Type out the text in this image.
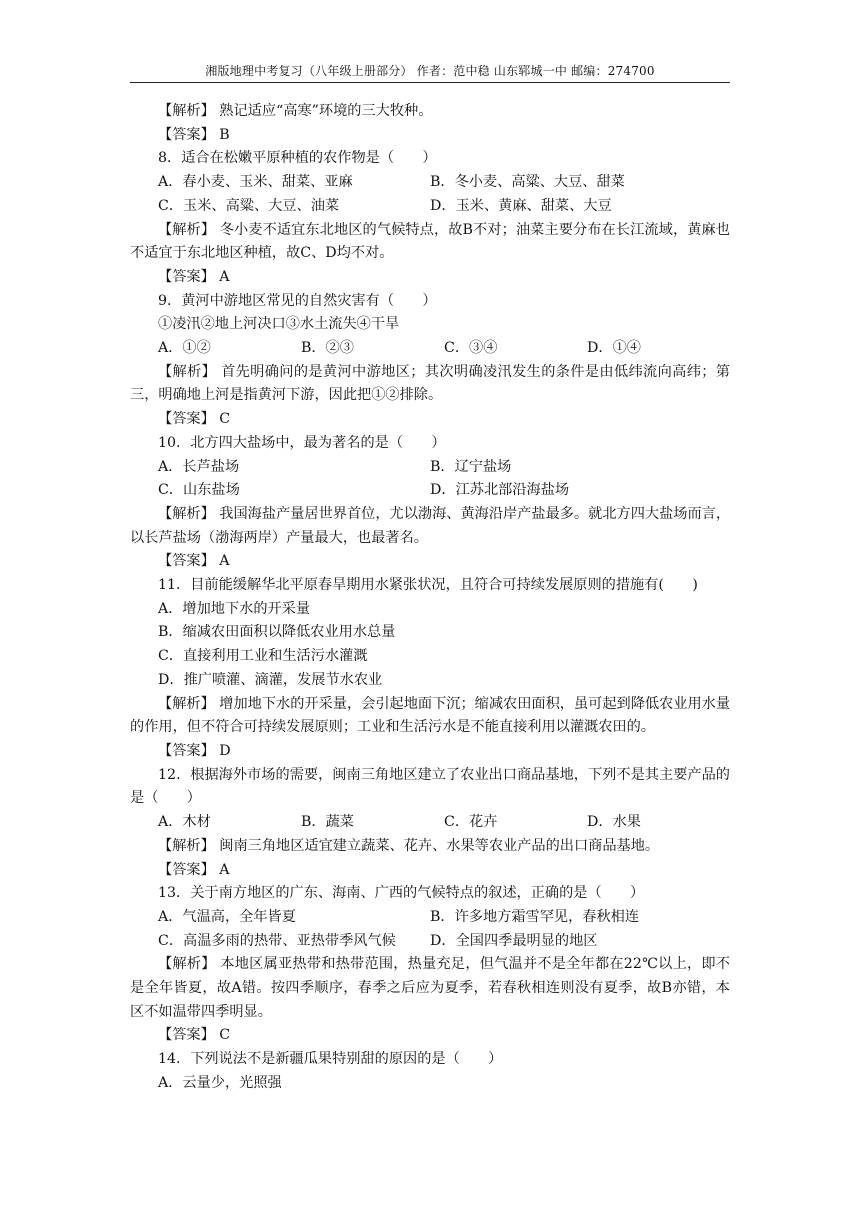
湘版地理中考复习（八年级上册部分） 作者：范中稳 山东郓城一中 邮编：274700
【解析】 熟记适应“高寒”环境的三大牧种。
【答案】 B
8．适合在松嫩平原种植的农作物是（　　）
A．春小麦、玉米、甜菜、亚麻	B．冬小麦、高粱、大豆、甜菜
C．玉米、高粱、大豆、油菜	D．玉米、黄麻、甜菜、大豆
【解析】 冬小麦不适宜东北地区的气候特点，故B不对；油菜主要分布在长江流域，黄麻也不适宜于东北地区种植，故C、D均不对。
【答案】 A
9．黄河中游地区常见的自然灾害有（　　）
①凌汛②地上河决口③水土流失④干旱
A．①②	B．②③	C．③④	D．①④
【解析】 首先明确问的是黄河中游地区；其次明确凌汛发生的条件是由低纬流向高纬；第三，明确地上河是指黄河下游，因此把①②排除。
【答案】 C
10．北方四大盐场中，最为著名的是（　　）
A．长芦盐场	B．辽宁盐场
C．山东盐场	D．江苏北部沿海盐场
【解析】 我国海盐产量居世界首位，尤以渤海、黄海沿岸产盐最多。就北方四大盐场而言，以长芦盐场（渤海两岸）产量最大，也最著名。
【答案】 A
11．目前能缓解华北平原春旱期用水紧张状况，且符合可持续发展原则的措施有(　　)
A．增加地下水的开采量
B．缩减农田面积以降低农业用水总量
C．直接利用工业和生活污水灌溉
D．推广喷灌、滴灌，发展节水农业
【解析】 增加地下水的开采量，会引起地面下沉；缩减农田面积，虽可起到降低农业用水量的作用，但不符合可持续发展原则；工业和生活污水是不能直接利用以灌溉农田的。
【答案】 D
12．根据海外市场的需要，闽南三角地区建立了农业出口商品基地，下列不是其主要产品的是（　　）
A．木材	B．蔬菜	C．花卉	D．水果
【解析】 闽南三角地区适宜建立蔬菜、花卉、水果等农业产品的出口商品基地。
【答案】 A
13．关于南方地区的广东、海南、广西的气候特点的叙述，正确的是（　　）
A．气温高，全年皆夏	B．许多地方霜雪罕见，春秋相连
C．高温多雨的热带、亚热带季风气候	D．全国四季最明显的地区
【解析】 本地区属亚热带和热带范围，热量充足，但气温并不是全年都在22℃以上，即不是全年皆夏，故A错。按四季顺序，春季之后应为夏季，若春秋相连则没有夏季，故B亦错，本区不如温带四季明显。
【答案】 C
14．下列说法不是新疆瓜果特别甜的原因的是（　　）
A．云量少，光照强
